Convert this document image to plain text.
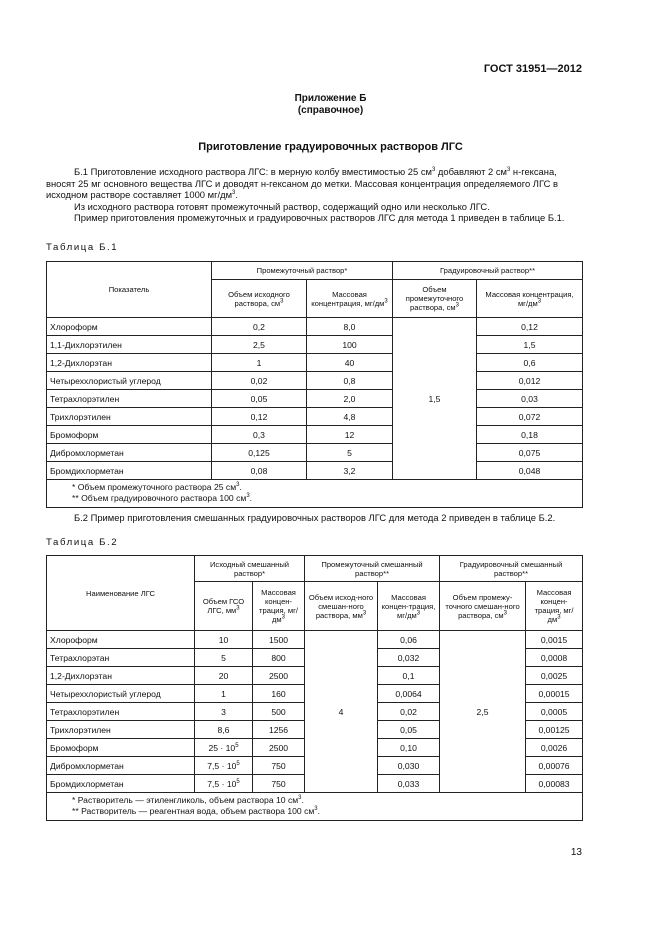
ГОСТ 31951—2012
Приложение Б
(справочное)
Приготовление градуировочных растворов ЛГС

Б.1 Приготовление исходного раствора ЛГС: в мерную колбу вместимостью 25 $см^3$ добавляют 2 $см^3$ н-гексана, вносят 25 мг основного вещества ЛГС и доводят н-гексаном до метки. Массовая концентрация определяемого ЛГС в исходном растворе составляет 1000 $мг/дм^3$.

Из исходного раствора готовят промежуточный раствор, содержащий одно или несколько ЛГС.

Пример приготовления промежуточных и градуировочных растворов ЛГС для метода 1 приведен в таблице Б.1.

Таблица Б.1
Показатель	Промежуточный раствор*		Градуировочный раствор**	
	Объем исходного раствора, $см^3$	Массовая концентрация, $мг/дм^3$	Объем промежуточного раствора, $см^3$	Массовая концентрация, $мг/дм^3$
Хлороформ	0,2	8,0	1,5	0,12
1,1-Дихлорэтилен	2,5	100		1,5
1,2-Дихлорэтан	1	40		0,6
Четыреххлористый углерод	0,02	0,8		0,012
Тетрахлорэтилен	0,05	2,0		0,03
Трихлорэтилен	0,12	4,8		0,072
Бромоформ	0,3	12		0,18
Дибромхлорметан	0,125	5		0,075
Бромдихлорметан	0,08	3,2		0,048

* Объем промежуточного раствора 25 $см^3$.
** Объем градуировочного раствора 100 $см^3$.				

Б.2 Пример приготовления смешанных градуировочных растворов ЛГС для метода 2 приведен в таблице Б.2.

Таблица Б.2
Наименование ЛГС	Исходный смешанный раствор*		Промежуточный смешанный раствор**		Градуировочный смешанный раствор**	
	Объем ГСО ЛГС, $мм^3$	Массовая концен-трация, $мг/дм^3$	Объем исход-ного смешан-ного раствора, $мм^3$	Массовая концен-трация, $мг/дм^3$	Объем промежу-точного смешан-ного раствора, $см^3$	Массовая концен-трация, $мг/дм^3$
Хлороформ	10	1500	4	0,06	2,5	0,0015
Тетрахлорэтан	5	800		0,032		0,0008
1,2-Дихлорэтан	20	2500		0,1		0,0025
Четыреххлористый углерод	1	160		0,0064		0,00015
Тетрахлорэтилен	3	500		0,02		0,0005
Трихлорэтилен	8,6	1256		0,05		0,00125
Бромоформ	$25 \cdot 10^5$	2500		0,10		0,0026
Дибромхлорметан	$7,5 \cdot 10^5$	750		0,030		0,00076
Бромдихлорметан	$7,5 \cdot 10^5$	750		0,033		0,00083

* Растворитель — этиленгликоль, объем раствора 10 $см^3$.
** Растворитель — реагентная вода, объем раствора 100 $см^3$.						
13
